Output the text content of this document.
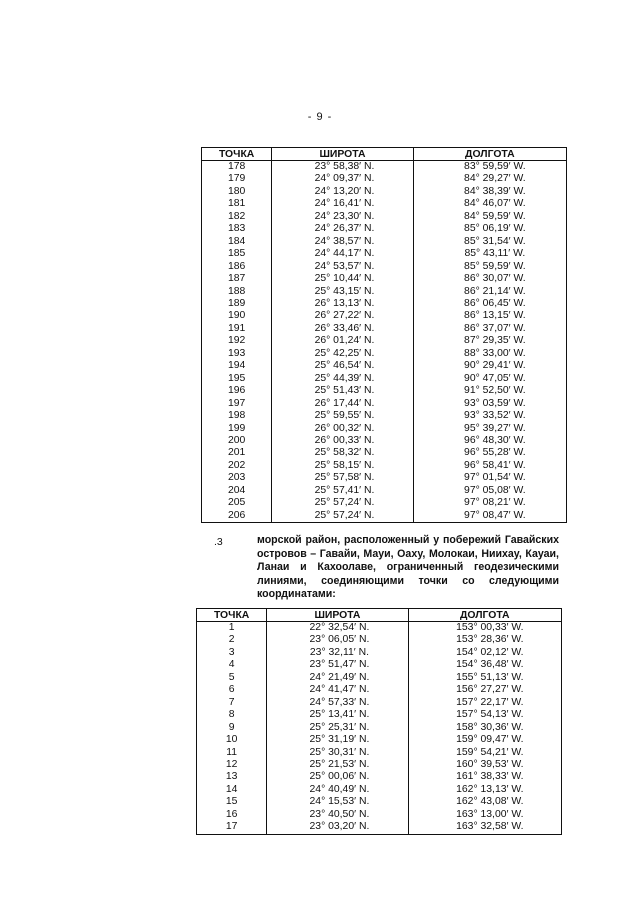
- 9 -
ТОЧКА	ШИРОТА	ДОЛГОТА
178	23° 58,38′ N.	83° 59,59′ W.
179	24° 09,37′ N.	84° 29,27′ W.
180	24° 13,20′ N.	84° 38,39′ W.
181	24° 16,41′ N.	84° 46,07′ W.
182	24° 23,30′ N.	84° 59,59′ W.
183	24° 26,37′ N.	85° 06,19′ W.
184	24° 38,57′ N.	85° 31,54′ W.
185	24° 44,17′ N.	85° 43,11′ W.
186	24° 53,57′ N.	85° 59,59′ W.
187	25° 10,44′ N.	86° 30,07′ W.
188	25° 43,15′ N.	86° 21,14′ W.
189	26° 13,13′ N.	86° 06,45′ W.
190	26° 27,22′ N.	86° 13,15′ W.
191	26° 33,46′ N.	86° 37,07′ W.
192	26° 01,24′ N.	87° 29,35′ W.
193	25° 42,25′ N.	88° 33,00′ W.
194	25° 46,54′ N.	90° 29,41′ W.
195	25° 44,39′ N.	90° 47,05′ W.
196	25° 51,43′ N.	91° 52,50′ W.
197	26° 17,44′ N.	93° 03,59′ W.
198	25° 59,55′ N.	93° 33,52′ W.
199	26° 00,32′ N.	95° 39,27′ W.
200	26° 00,33′ N.	96° 48,30′ W.
201	25° 58,32′ N.	96° 55,28′ W.
202	25° 58,15′ N.	96° 58,41′ W.
203	25° 57,58′ N.	97° 01,54′ W.
204	25° 57,41′ N.	97° 05,08′ W.
205	25° 57,24′ N.	97° 08,21′ W.
206	25° 57,24′ N.	97° 08,47′ W.
.3	морской район, расположенный у побережий Гавайских островов – Гавайи, Мауи, Оаху, Молокаи, Ниихау, Кауаи, Ланаи и Кахоолаве, ограниченный геодезическими линиями, соединяющими точки со следующими координатами:
ТОЧКА	ШИРОТА	ДОЛГОТА
1	22° 32,54′ N.	153° 00,33′ W.
2	23° 06,05′ N.	153° 28,36′ W.
3	23° 32,11′ N.	154° 02,12′ W.
4	23° 51,47′ N.	154° 36,48′ W.
5	24° 21,49′ N.	155° 51,13′ W.
6	24° 41,47′ N.	156° 27,27′ W.
7	24° 57,33′ N.	157° 22,17′ W.
8	25° 13,41′ N.	157° 54,13′ W.
9	25° 25,31′ N.	158° 30,36′ W.
10	25° 31,19′ N.	159° 09,47′ W.
11	25° 30,31′ N.	159° 54,21′ W.
12	25° 21,53′ N.	160° 39,53′ W.
13	25° 00,06′ N.	161° 38,33′ W.
14	24° 40,49′ N.	162° 13,13′ W.
15	24° 15,53′ N.	162° 43,08′ W.
16	23° 40,50′ N.	163° 13,00′ W.
17	23° 03,20′ N.	163° 32,58′ W.
